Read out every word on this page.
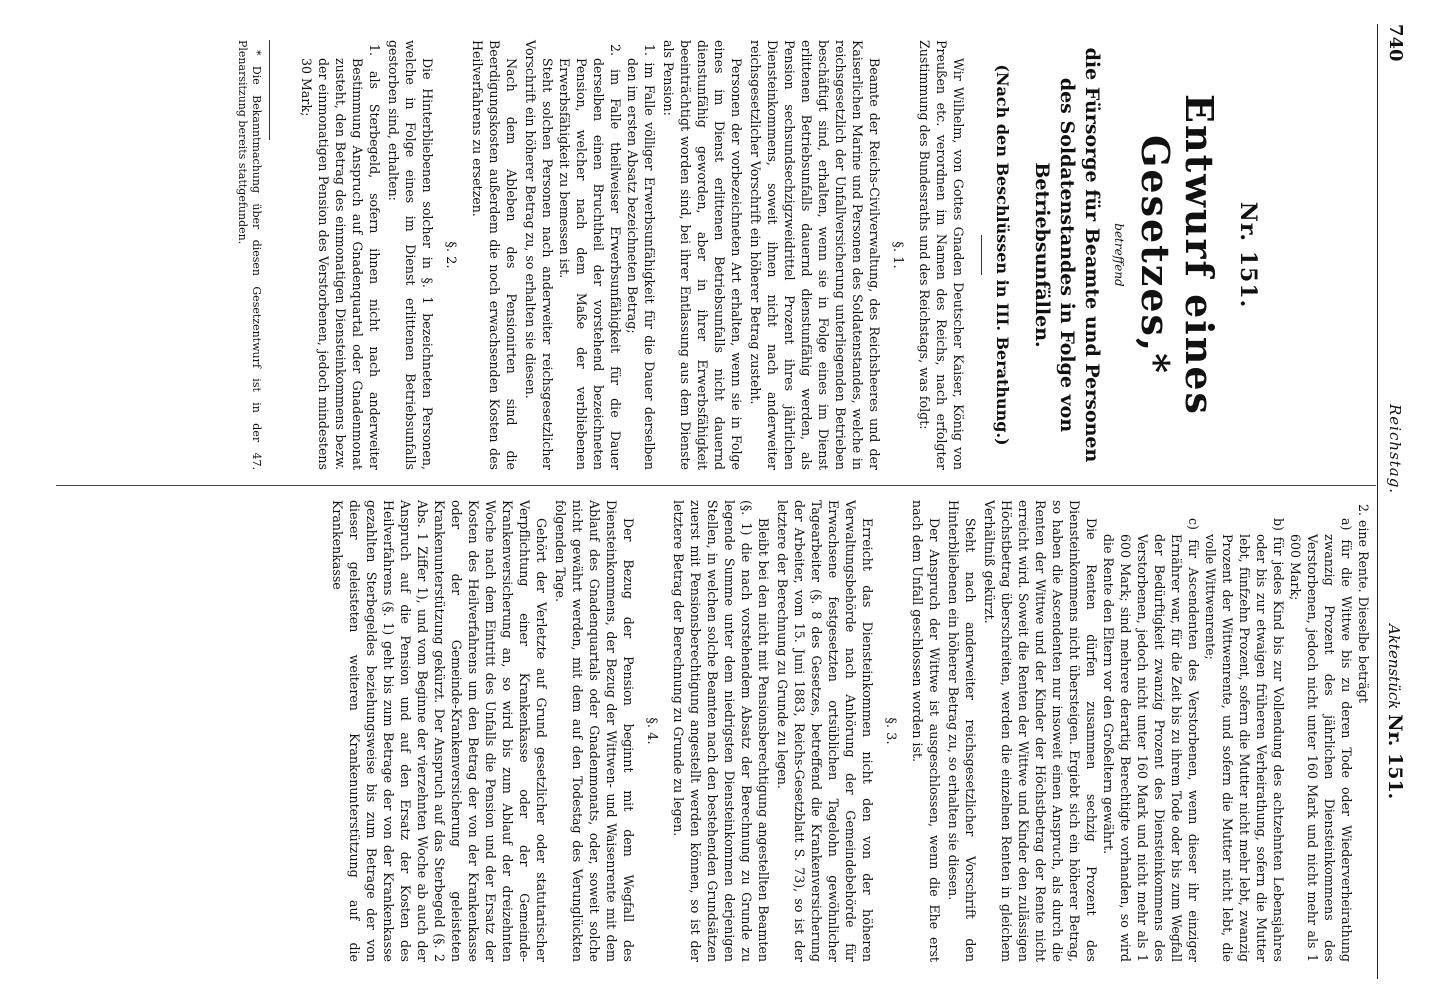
740
Reichstag.
Aktenstück Nr. 151.
Nr. 151.
Entwurf eines Gesetzes,*
betreffend
die Fürsorge für Beamte und Personen des Soldatenstandes in Folge von Betriebsunfällen.
(Nach den Beschlüssen in III. Berathung.)

Wir Wilhelm, von Gottes Gnaden Deutscher Kaiser, König von Preußen etc. verordnen im Namen des Reichs, nach erfolgter Zustimmung des Bundesraths und des Reichstags, was folgt:

§. 1.

Beamte der Reichs-Civilverwaltung, des Reichsheeres und der Kaiserlichen Marine und Personen des Soldatenstandes, welche in reichsgesetzlich der Unfallversicherung unterliegenden Betrieben beschäftigt sind, erhalten, wenn sie in Folge eines im Dienst erlittenen Betriebsunfalls dauernd dienstunfähig werden, als Pension sechsundsechzigzweidrittel Prozent ihres jährlichen Diensteinkommens, soweit ihnen nicht nach anderweiter reichsgesetzlicher Vorschrift ein höherer Betrag zusteht.

Personen der vorbezeichneten Art erhalten, wenn sie in Folge eines im Dienst erlittenen Betriebsunfalls nicht dauernd dienstunfähig geworden, aber in ihrer Erwerbsfähigkeit beeinträchtigt worden sind, bei ihrer Entlassung aus dem Dienste als Pension:

1. im Falle völliger Erwerbsunfähigkeit für die Dauer derselben den im ersten Absatz bezeichneten Betrag;

2. im Falle theilweiser Erwerbsunfähigkeit für die Dauer derselben einen Bruchtheil der vorstehend bezeichneten Pension, welcher nach dem Maße der verbliebenen Erwerbsfähigkeit zu bemessen ist.

Steht solchen Personen nach anderweiter reichsgesetzlicher Vorschrift ein höherer Betrag zu, so erhalten sie diesen.

Nach dem Ableben des Pensionirten sind die Beerdigungskosten außerdem die noch erwachsenden Kosten des Heilverfahrens zu ersetzen.

§. 2.

Die Hinterbliebenen solcher in §. 1 bezeichneten Personen, welche in Folge eines im Dienst erlittenen Betriebsunfalls gestorben sind, erhalten:

1. als Sterbegeld, sofern ihnen nicht nach anderweiter Bestimmung Anspruch auf Gnadenquartal oder Gnadenmonat zusteht, den Betrag des einmonatigen Diensteinkommens bezw. der einmonatigen Pension des Verstorbenen, jedoch mindestens 30 Mark;

* Die Bekanntmachung über diesen Gesetzentwurf ist in der 47. Plenarsitzung bereits stattgefunden.

2. eine Rente. Dieselbe beträgt

a) für die Wittwe bis zu deren Tode oder Wiederverheirathung zwanzig Prozent des jährlichen Diensteinkommens des Verstorbenen, jedoch nicht unter 160 Mark und nicht mehr als 1 600 Mark;

b) für jedes Kind bis zur Vollendung des achtzehnten Lebensjahres oder bis zur etwaigen früheren Verheirathung, sofern die Mutter lebt, fünfzehn Prozent, sofern die Mutter nicht mehr lebt, zwanzig Prozent der Wittwenrente, und sofern die Mutter nicht lebt, die volle Wittwenrente;

c) für Ascendenten des Verstorbenen, wenn dieser ihr einziger Ernährer war, für die Zeit bis zu ihrem Tode oder bis zum Wegfall der Bedürftigkeit zwanzig Prozent des Diensteinkommens des Verstorbenen, jedoch nicht unter 160 Mark und nicht mehr als 1 600 Mark; sind mehrere derartig Berechtigte vorhanden, so wird die Rente den Eltern vor den Großeltern gewährt.

Die Renten dürfen zusammen sechzig Prozent des Diensteinkommens nicht übersteigen. Ergiebt sich ein höherer Betrag, so haben die Ascendenten nur insoweit einen Anspruch, als durch die Renten der Wittwe und der Kinder der Höchstbetrag der Rente nicht erreicht wird. Soweit die Renten der Wittwe und Kinder den zulässigen Höchstbetrag überschreiten, werden die einzelnen Renten in gleichem Verhältniß gekürzt.

Steht nach anderweiter reichsgesetzlicher Vorschrift den Hinterbliebenen ein höherer Betrag zu, so erhalten sie diesen.

Der Anspruch der Wittwe ist ausgeschlossen, wenn die Ehe erst nach dem Unfall geschlossen worden ist.

§. 3.

Erreicht das Diensteinkommen nicht den von der höheren Verwaltungsbehörde nach Anhörung der Gemeindebehörde für Erwachsene festgesetzten ortsüblichen Tagelohn gewöhnlicher Tagearbeiter (§. 8 des Gesetzes, betreffend die Krankenversicherung der Arbeiter, vom 15. Juni 1883, Reichs-Gesetzblatt S. 73), so ist der letztere der Berechnung zu Grunde zu legen.

Bleibt bei den nicht mit Pensionsberechtigung angestellten Beamten (§. 1) die nach vorstehendem Absatz der Berechnung zu Grunde zu legende Summe unter dem niedrigsten Diensteinkommen derjenigen Stellen, in welchen solche Beamten nach den bestehenden Grundsätzen zuerst mit Pensionsberechtigung angestellt werden können, so ist der letztere Betrag der Berechnung zu Grunde zu legen.

§. 4.

Der Bezug der Pension beginnt mit dem Wegfall des Diensteinkommens, der Bezug der Wittwen- und Waisenrente mit dem Ablauf des Gnadenquartals oder Gnadenmonats, oder, soweit solche nicht gewährt werden, mit dem auf den Todestag des Verunglückten folgenden Tage.

Gehört der Verletzte auf Grund gesetzlicher oder statutarischer Verpflichtung einer Krankenkasse oder der Gemeinde-Krankenversicherung an, so wird bis zum Ablauf der dreizehnten Woche nach dem Eintritt des Unfalls die Pension und der Ersatz der Kosten des Heilverfahrens um den Betrag der von der Krankenkasse oder der Gemeinde-Krankenversicherung geleisteten Krankenunterstützung gekürzt. Der Anspruch auf das Sterbegeld (§. 2 Abs. 1 Ziffer 1), und vom Beginne der vierzehnten Woche ab auch der Anspruch auf die Pension und auf den Ersatz der Kosten des Heilverfahrens (§. 1) geht bis zum Betrage der von der Krankenkasse gezahlten Sterbegeldes beziehungsweise bis zum Betrage der von dieser geleisteten weiteren Krankenunterstützung auf die Krankenkasse
